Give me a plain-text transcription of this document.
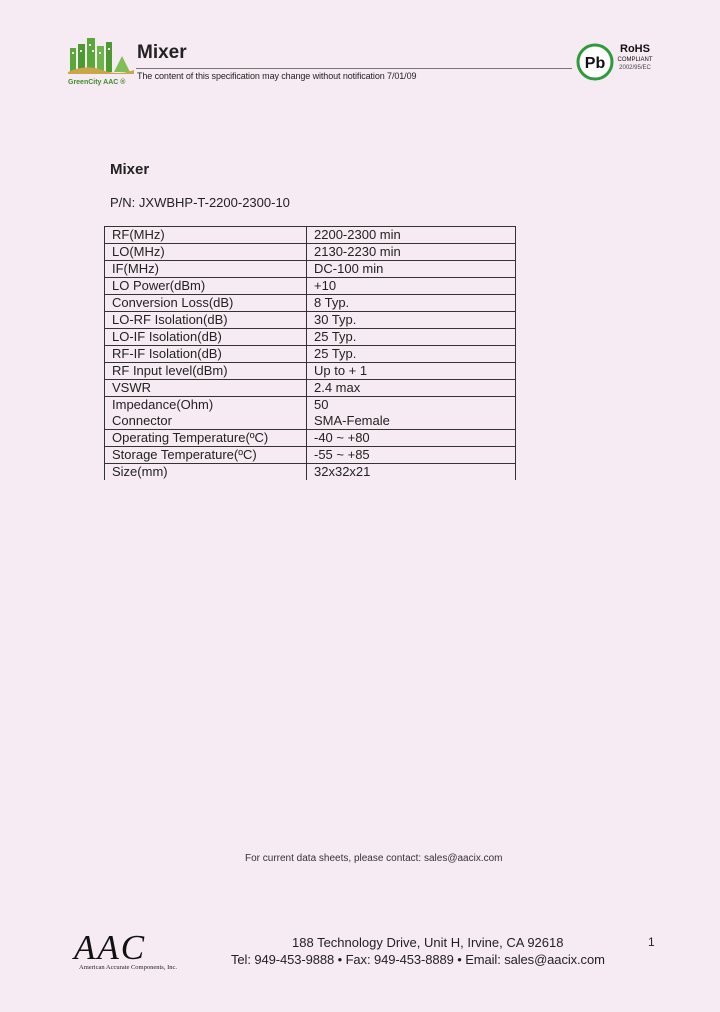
GreenCity AAC ®
Mixer
The content of this specification may change without notification 7/01/09
Pb
RoHS
COMPLIANT
2002/95/EC
Mixer
P/N: JXWBHP-T-2200-2300-10
RF(MHz)	2200-2300 min
LO(MHz)	2130-2230 min
IF(MHz)	DC-100 min
LO Power(dBm)	+10
Conversion Loss(dB)	8 Typ.
LO-RF Isolation(dB)	30 Typ.
LO-IF Isolation(dB)	25 Typ.
RF-IF Isolation(dB)	25 Typ.
RF Input level(dBm)	Up to + 1
VSWR	2.4 max
Impedance(Ohm)	50
Connector	SMA-Female
Operating Temperature(ºC)	-40 ~ +80
Storage Temperature(ºC)	-55 ~ +85
Size(mm)	32x32x21
For current data sheets, please contact: sales@aacix.com
AAC
American Accurate Components, Inc.
188 Technology Drive, Unit H, Irvine, CA 92618
Tel: 949-453-9888 • Fax: 949-453-8889 • Email: sales@aacix.com
1
